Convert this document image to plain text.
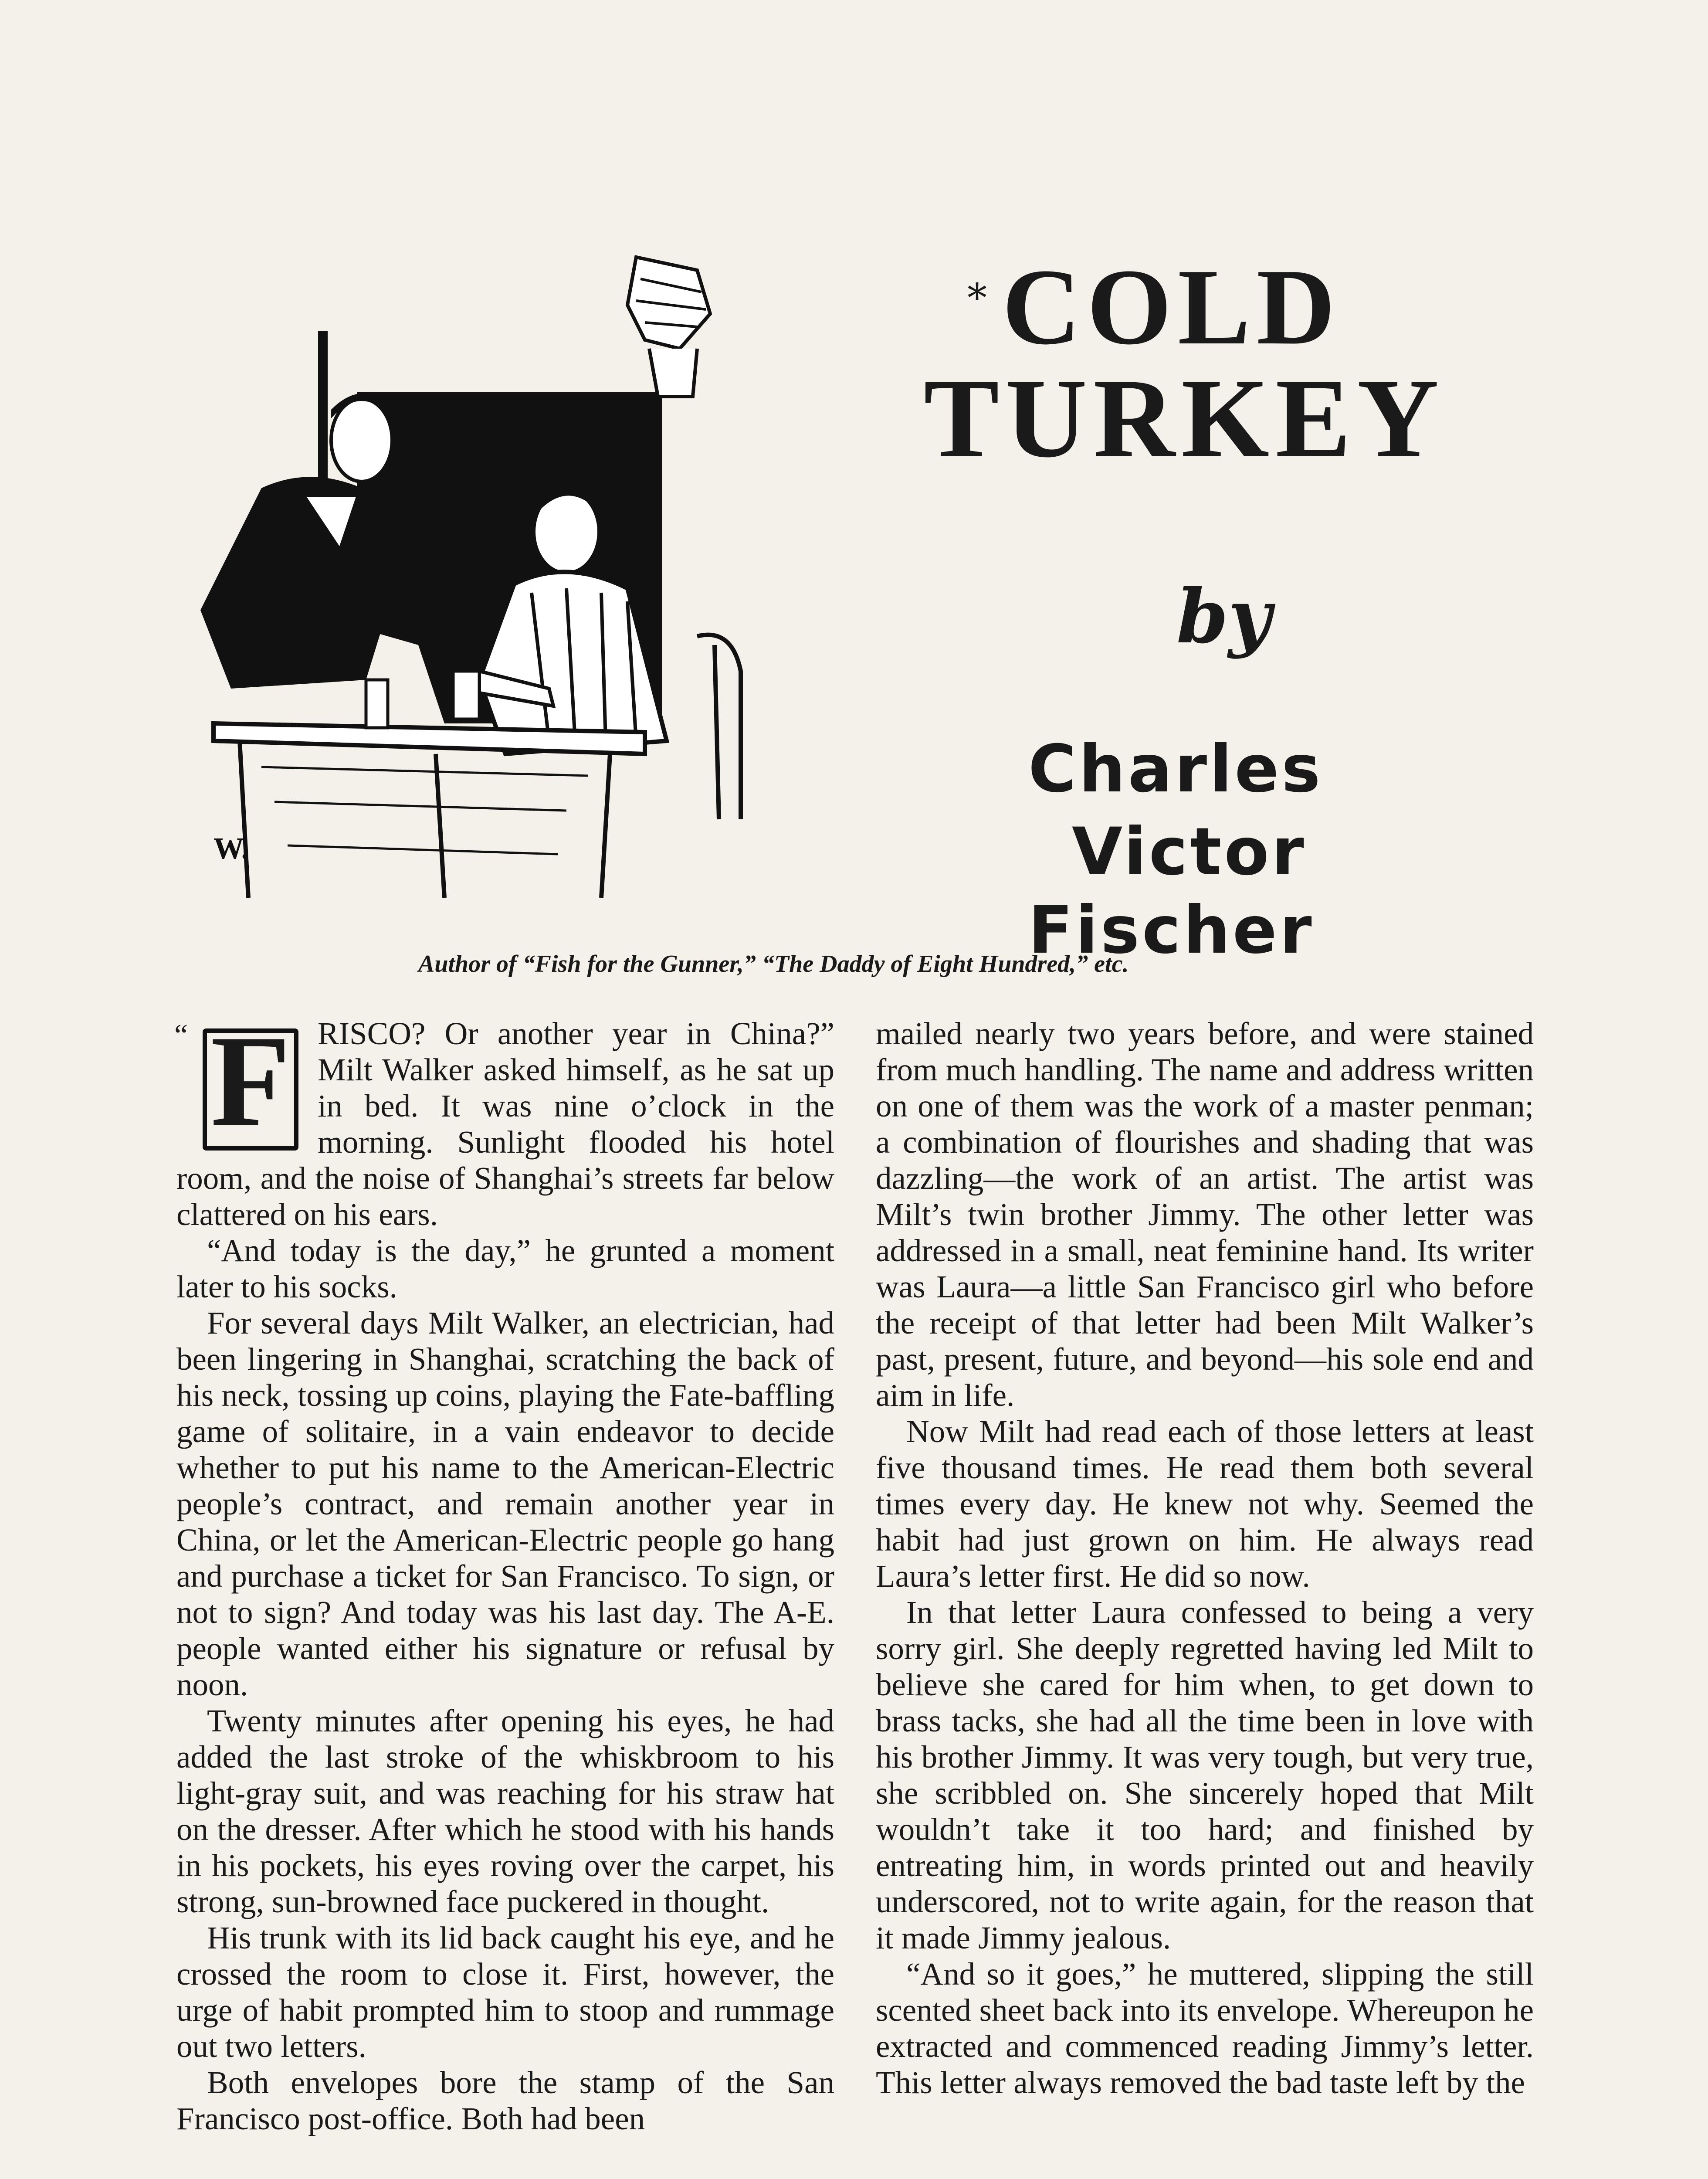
W.
* COLD
TURKEY
by
Charles
Victor
Fischer
Author of “Fish for the Gunner,” “The Daddy of Eight Hundred,” etc.
“ F RISCO? Or another year in China?” Milt Walker asked himself, as he sat up in bed. It was nine o’clock in the morning. Sunlight flooded his hotel room, and the noise of Shanghai’s streets far below clattered on his ears.

“And today is the day,” he grunted a moment later to his socks.

For several days Milt Walker, an electrician, had been lingering in Shanghai, scratching the back of his neck, tossing up coins, playing the Fate-baffling game of solitaire, in a vain endeavor to decide whether to put his name to the American-Electric people’s contract, and remain another year in China, or let the American-Electric people go hang and purchase a ticket for San Francisco. To sign, or not to sign? And today was his last day. The A-E. people wanted either his signature or refusal by noon.

Twenty minutes after opening his eyes, he had added the last stroke of the whiskbroom to his light-gray suit, and was reaching for his straw hat on the dresser. After which he stood with his hands in his pockets, his eyes roving over the carpet, his strong, sun-browned face puckered in thought.

His trunk with its lid back caught his eye, and he crossed the room to close it. First, however, the urge of habit prompted him to stoop and rummage out two letters.

Both envelopes bore the stamp of the San Francisco post-office. Both had been

mailed nearly two years before, and were stained from much handling. The name and address written on one of them was the work of a master penman; a combination of flourishes and shading that was dazzling—the work of an artist. The artist was Milt’s twin brother Jimmy. The other letter was addressed in a small, neat feminine hand. Its writer was Laura—a little San Francisco girl who before the receipt of that letter had been Milt Walker’s past, present, future, and beyond—his sole end and aim in life.

Now Milt had read each of those letters at least five thousand times. He read them both several times every day. He knew not why. Seemed the habit had just grown on him. He always read Laura’s letter first. He did so now.

In that letter Laura confessed to being a very sorry girl. She deeply regretted having led Milt to believe she cared for him when, to get down to brass tacks, she had all the time been in love with his brother Jimmy. It was very tough, but very true, she scribbled on. She sincerely hoped that Milt wouldn’t take it too hard; and finished by entreating him, in words printed out and heavily underscored, not to write again, for the reason that it made Jimmy jealous.

“And so it goes,” he muttered, slipping the still scented sheet back into its envelope. Whereupon he extracted and commenced reading Jimmy’s letter. This letter always removed the bad taste left by the
